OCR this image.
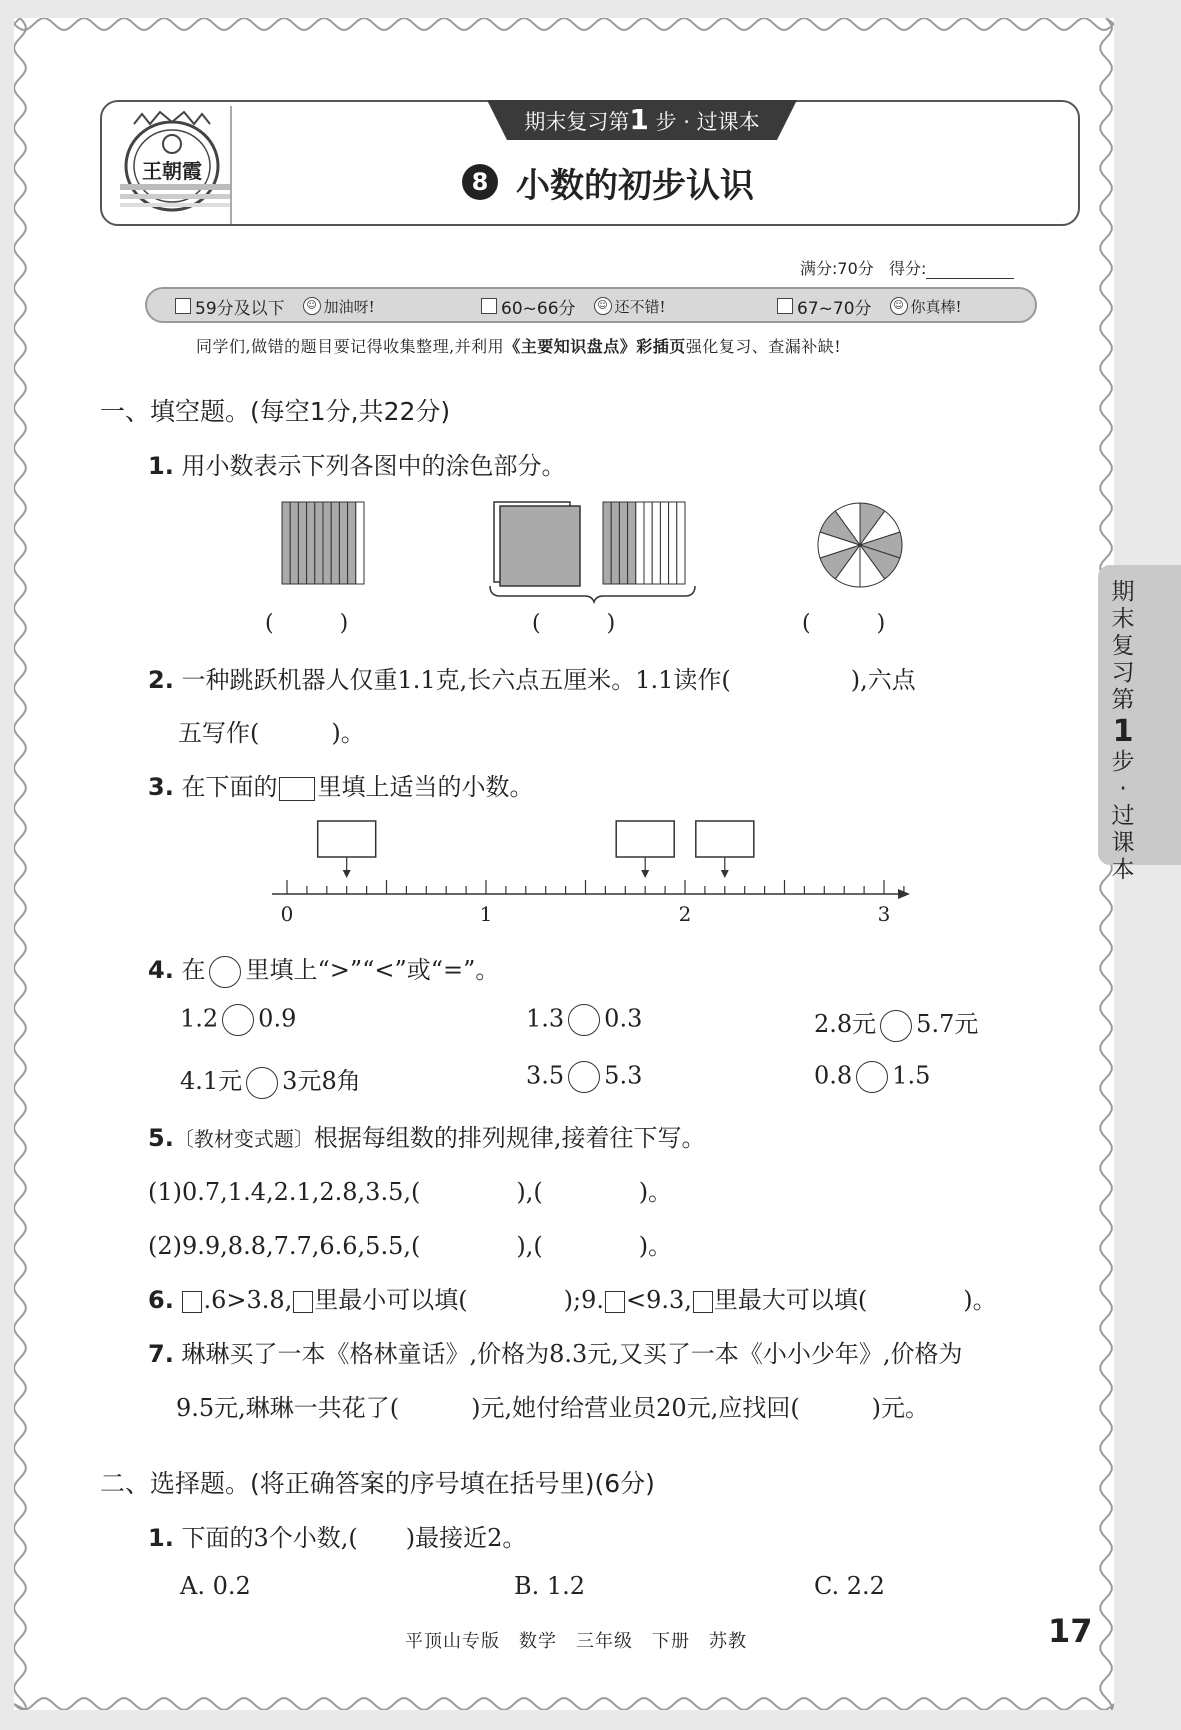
王朝霞
期末复习第1 步 · 过课本
8 小数的初步认识
满分:70分 得分:
59分及以下	☺ 加油呀!	60~66分	☺ 还不错!	67~70分	☺ 你真棒!
同学们,做错的题目要记得收集整理,并利用《主要知识盘点》彩插页强化复习、查漏补缺!
一、填空题。(每空1分,共22分)
1. 用小数表示下列各图中的涂色部分。
(　　　)	(　　　)	(　　　)
2. 一种跳跃机器人仅重1.1克,长六点五厘米。1.1读作(　　　　　),六点
五写作(　　　)。
3. 在下面的 里填上适当的小数。
0	1	2	3
4. 在 里填上“>”“<”或“=”。
1.2 0.9	1.3 0.3	2.8元 5.7元
4.1元 3元8角	3.5 5.3	0.8 1.5
5.〔教材变式题〕根据每组数的排列规律,接着往下写。
(1)0.7,1.4,2.1,2.8,3.5,(　　　　),(　　　　)。
(2)9.9,8.8,7.7,6.6,5.5,(　　　　),(　　　　)。
6. .6>3.8, 里最小可以填(　　　　);9. <9.3, 里最大可以填(　　　　)。
7. 琳琳买了一本《格林童话》,价格为8.3元,又买了一本《小小少年》,价格为
9.5元,琳琳一共花了(　　　)元,她付给营业员20元,应找回(　　　)元。
二、选择题。(将正确答案的序号填在括号里)(6分)
1. 下面的3个小数,(　　)最接近2。
A. 0.2	B. 1.2	C. 2.2
期末复习第
1
步·过课本
平顶山专版　数学　三年级　下册　苏教	17
